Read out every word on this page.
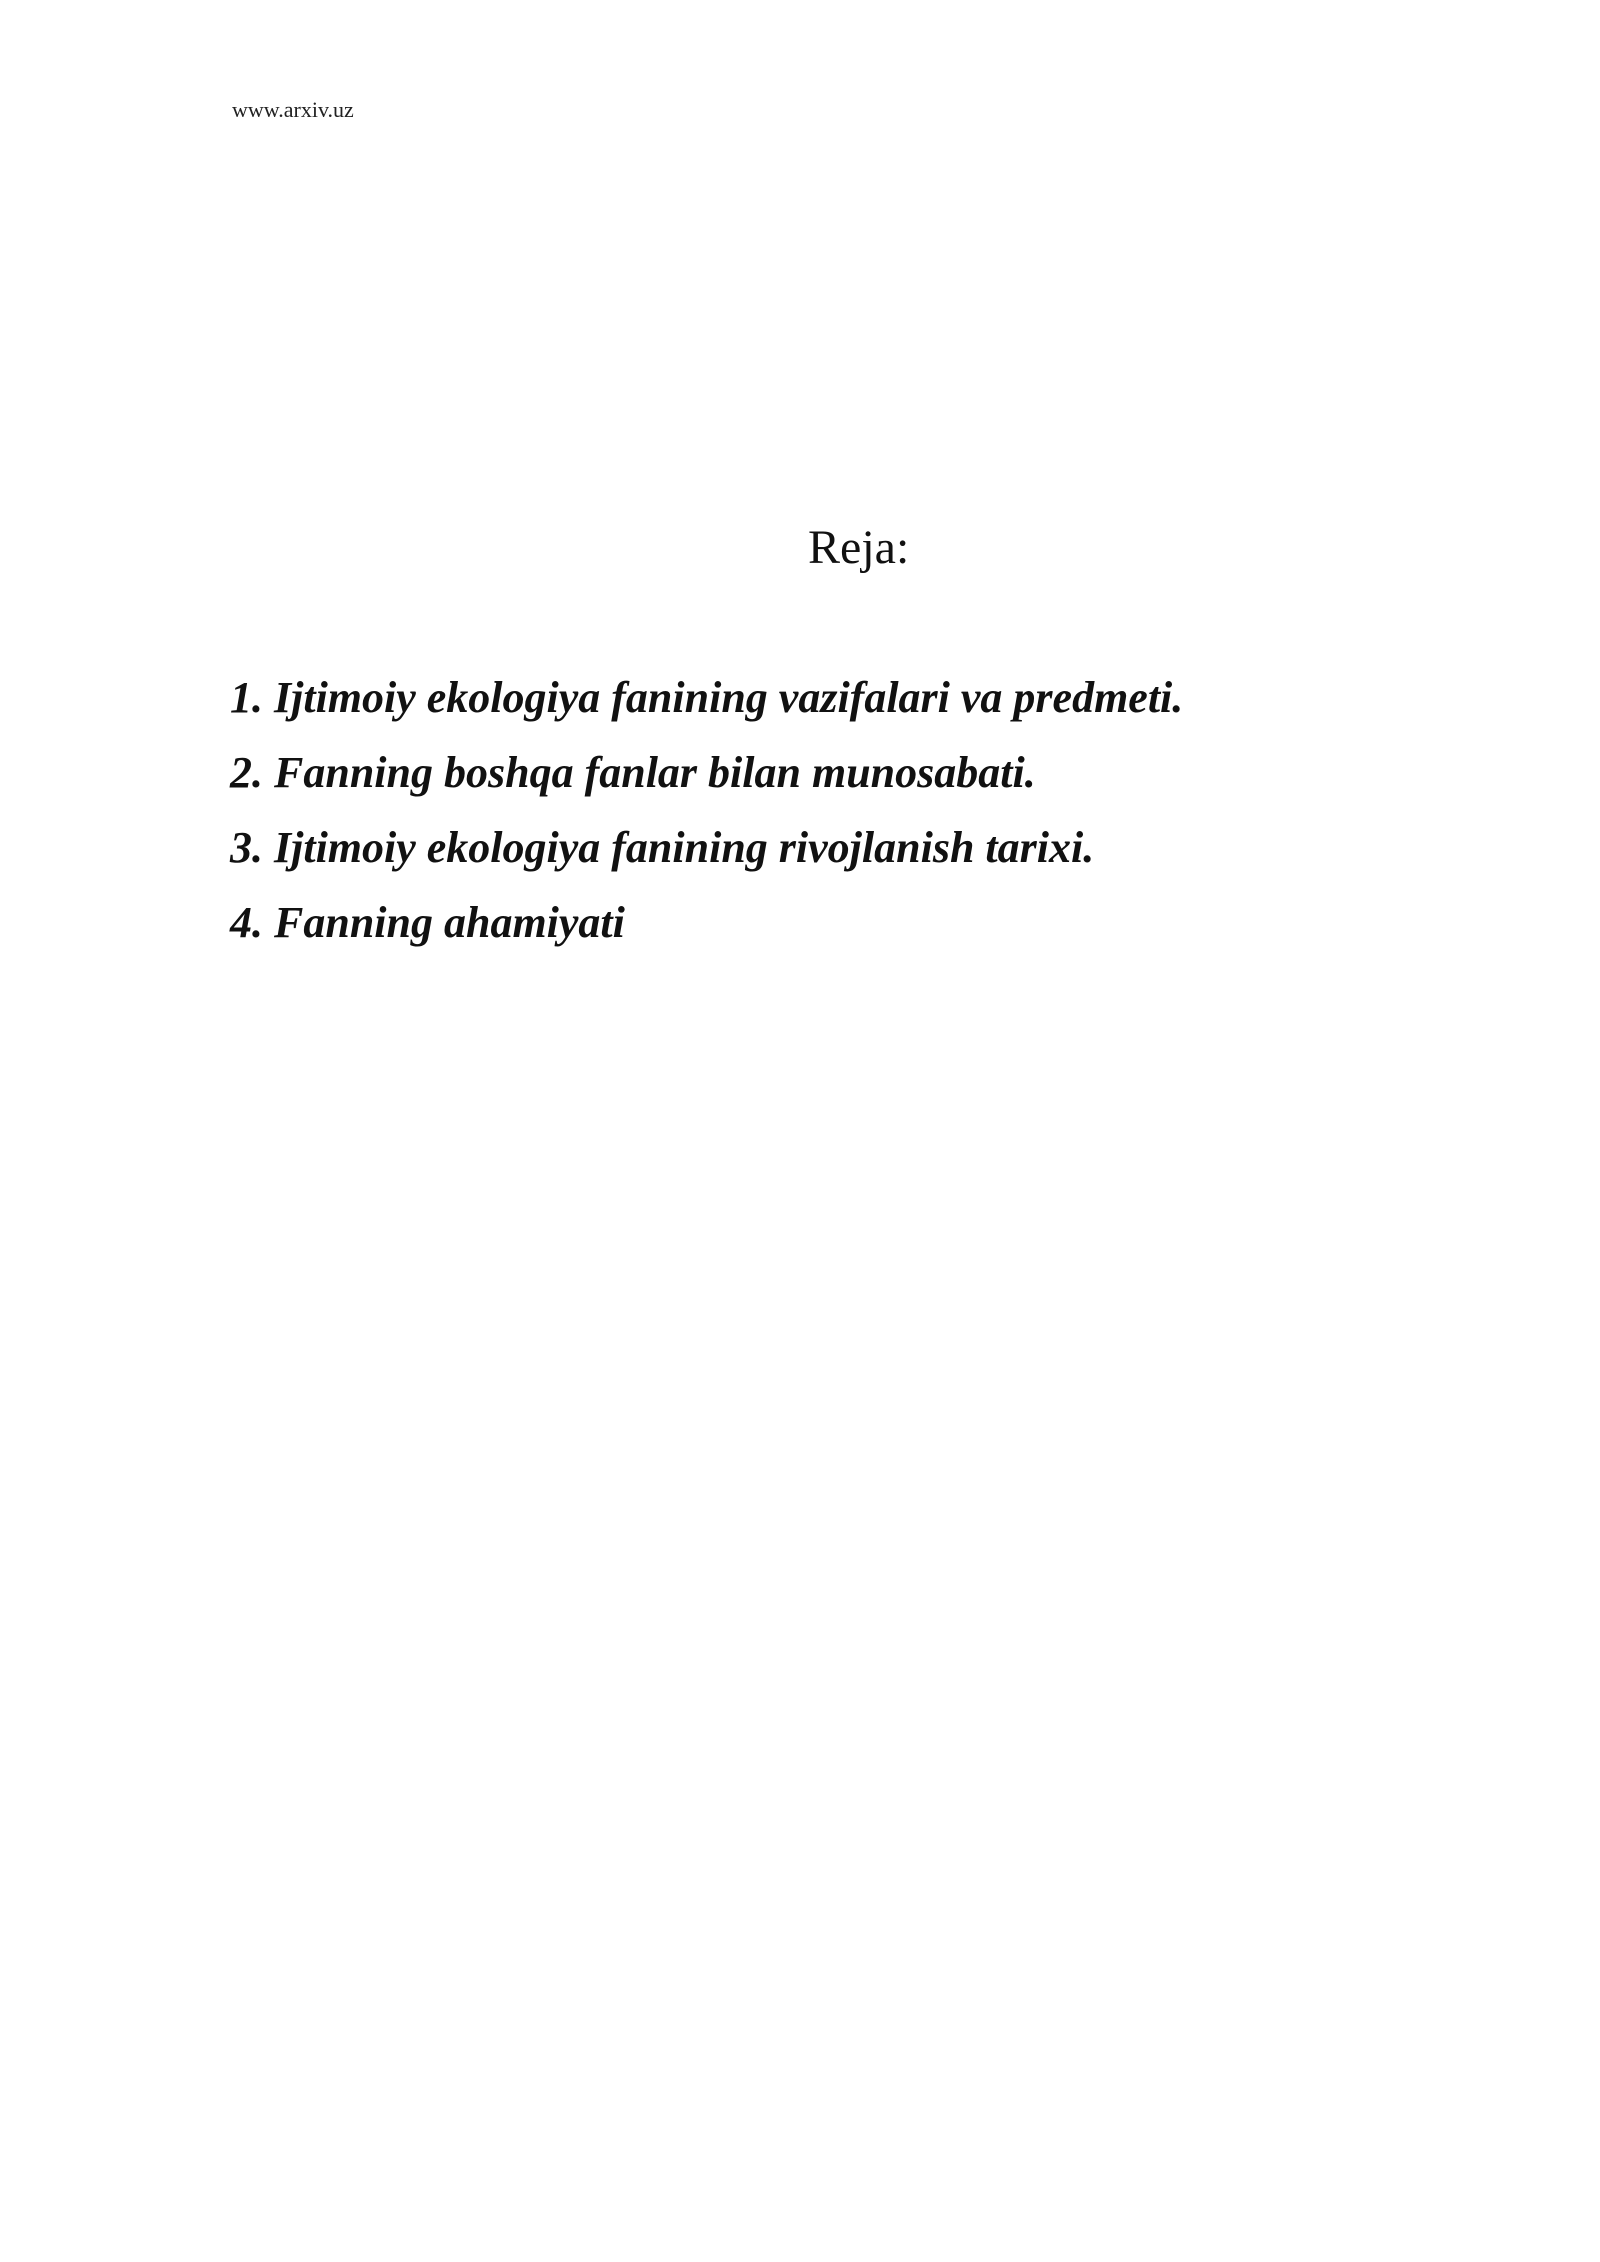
www.arxiv.uz
Reja:
1. Ijtimoiy ekologiya fanining vazifalari va predmeti.
2. Fanning boshqa fanlar bilan munosabati.
3. Ijtimoiy ekologiya fanining rivojlanish tarixi.
4. Fanning ahamiyati
